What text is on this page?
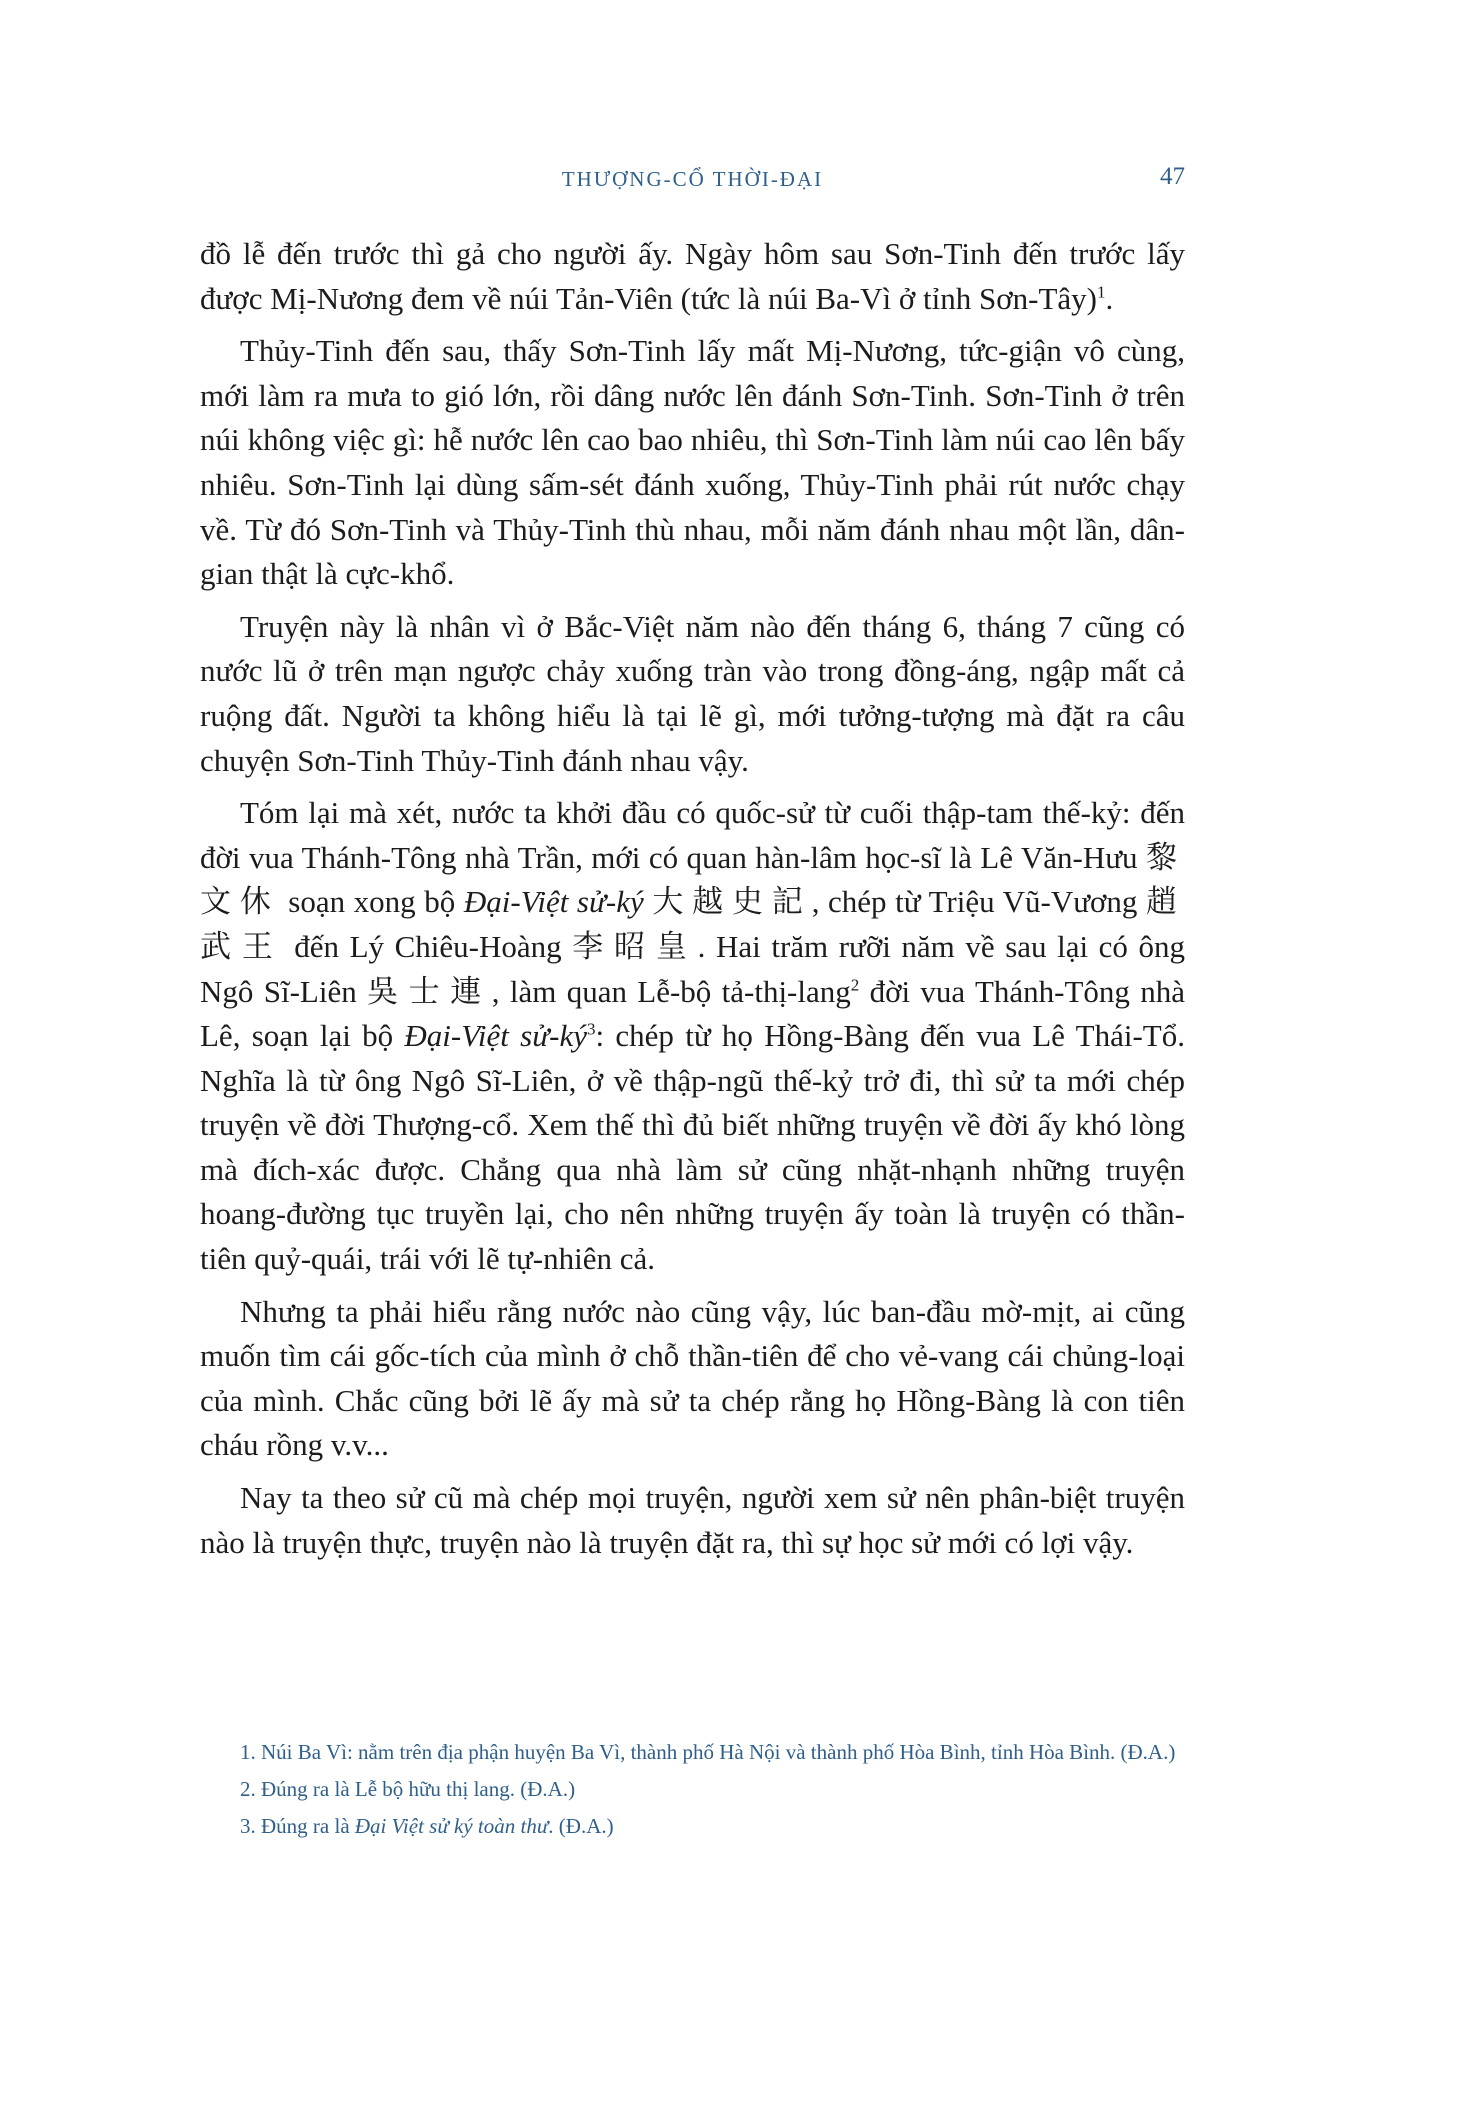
THƯỢNG-CỔ THỜI-ĐẠI	47

đồ lễ đến trước thì gả cho người ấy. Ngày hôm sau Sơn-Tinh đến trước lấy được Mị-Nương đem về núi Tản-Viên (tức là núi Ba-Vì ở tỉnh Sơn-Tây)$^1$.

Thủy-Tinh đến sau, thấy Sơn-Tinh lấy mất Mị-Nương, tức-giận vô cùng, mới làm ra mưa to gió lớn, rồi dâng nước lên đánh Sơn-Tinh. Sơn-Tinh ở trên núi không việc gì: hễ nước lên cao bao nhiêu, thì Sơn-Tinh làm núi cao lên bấy nhiêu. Sơn-Tinh lại dùng sấm-sét đánh xuống, Thủy-Tinh phải rút nước chạy về. Từ đó Sơn-Tinh và Thủy-Tinh thù nhau, mỗi năm đánh nhau một lần, dân-gian thật là cực-khổ.

Truyện này là nhân vì ở Bắc-Việt năm nào đến tháng 6, tháng 7 cũng có nước lũ ở trên mạn ngược chảy xuống tràn vào trong đồng-áng, ngập mất cả ruộng đất. Người ta không hiểu là tại lẽ gì, mới tưởng-tượng mà đặt ra câu chuyện Sơn-Tinh Thủy-Tinh đánh nhau vậy.

Tóm lại mà xét, nước ta khởi đầu có quốc-sử từ cuối thập-tam thế-kỷ: đến đời vua Thánh-Tông nhà Trần, mới có quan hàn-lâm học-sĩ là Lê Văn-Hưu 黎文休 soạn xong bộ Đại-Việt sử-ký 大越史記, chép từ Triệu Vũ-Vương 趙武王 đến Lý Chiêu-Hoàng 李昭皇. Hai trăm rưỡi năm về sau lại có ông Ngô Sĩ-Liên 吳士連, làm quan Lễ-bộ tả-thị-lang$^2$ đời vua Thánh-Tông nhà Lê, soạn lại bộ Đại-Việt $sử-ký^3$: chép từ họ Hồng-Bàng đến vua Lê Thái-Tổ. Nghĩa là từ ông Ngô Sĩ-Liên, ở về thập-ngũ thế-kỷ trở đi, thì sử ta mới chép truyện về đời Thượng-cổ. Xem thế thì đủ biết những truyện về đời ấy khó lòng mà đích-xác được. Chẳng qua nhà làm sử cũng nhặt-nhạnh những truyện hoang-đường tục truyền lại, cho nên những truyện ấy toàn là truyện có thần-tiên quỷ-quái, trái với lẽ tự-nhiên cả.

Nhưng ta phải hiểu rằng nước nào cũng vậy, lúc ban-đầu mờ-mịt, ai cũng muốn tìm cái gốc-tích của mình ở chỗ thần-tiên để cho vẻ-vang cái chủng-loại của mình. Chắc cũng bởi lẽ ấy mà sử ta chép rằng họ Hồng-Bàng là con tiên cháu rồng v.v...

Nay ta theo sử cũ mà chép mọi truyện, người xem sử nên phân-biệt truyện nào là truyện thực, truyện nào là truyện đặt ra, thì sự học sử mới có lợi vậy.

1. Núi Ba Vì: nằm trên địa phận huyện Ba Vì, thành phố Hà Nội và thành phố Hòa Bình, tỉnh Hòa Bình. (Đ.A.)

2. Đúng ra là Lễ bộ hữu thị lang. (Đ.A.)

3. Đúng ra là Đại Việt sử ký toàn thư. (Đ.A.)
